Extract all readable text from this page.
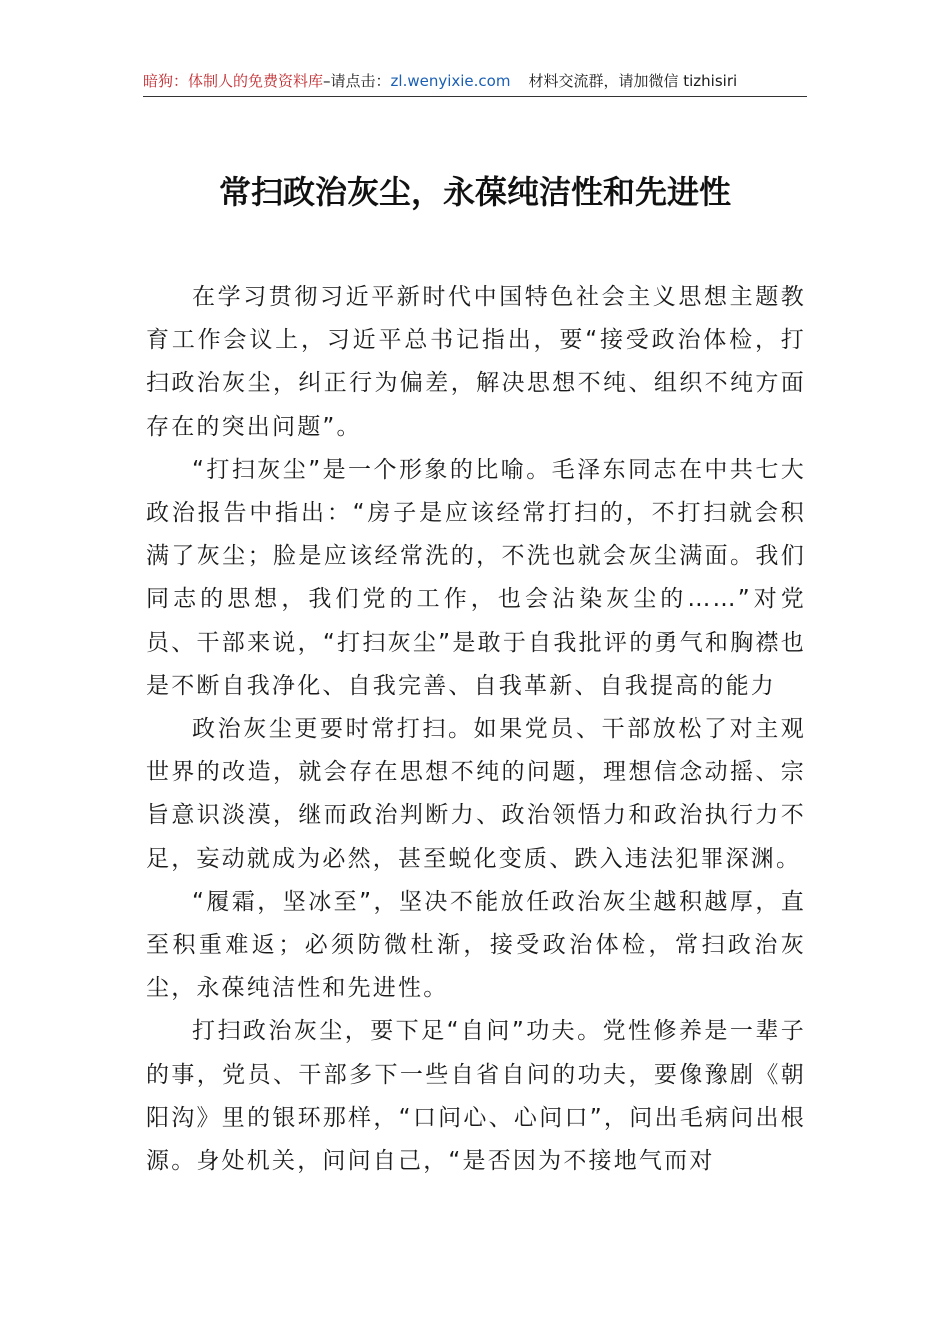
暗狗：体制人的免费资料库–请点击：zl.wenyixie.com 材料交流群，请加微信 tizhisiri
常扫政治灰尘，永葆纯洁性和先进性

在学习贯彻习近平新时代中国特色社会主义思想主题教育工作会议上，习近平总书记指出，要“接受政治体检，打扫政治灰尘，纠正行为偏差，解决思想不纯、组织不纯方面存在的突出问题”。

“打扫灰尘”是一个形象的比喻。毛泽东同志在中共七大政治报告中指出：“房子是应该经常打扫的，不打扫就会积满了灰尘；脸是应该经常洗的，不洗也就会灰尘满面。我们同志的思想，我们党的工作，也会沾染灰尘的……”对党员、干部来说，“打扫灰尘”是敢于自我批评的勇气和胸襟也是不断自我净化、自我完善、自我革新、自我提高的能力

政治灰尘更要时常打扫。如果党员、干部放松了对主观世界的改造，就会存在思想不纯的问题，理想信念动摇、宗旨意识淡漠，继而政治判断力、政治领悟力和政治执行力不足，妄动就成为必然，甚至蜕化变质、跌入违法犯罪深渊。

“履霜，坚冰至”，坚决不能放任政治灰尘越积越厚，直至积重难返；必须防微杜渐，接受政治体检，常扫政治灰尘，永葆纯洁性和先进性。

打扫政治灰尘，要下足“自问”功夫。党性修养是一辈子的事，党员、干部多下一些自省自问的功夫，要像豫剧《朝阳沟》里的银环那样，“口问心、心问口”，问出毛病问出根源。身处机关，问问自己，“是否因为不接地气而对
